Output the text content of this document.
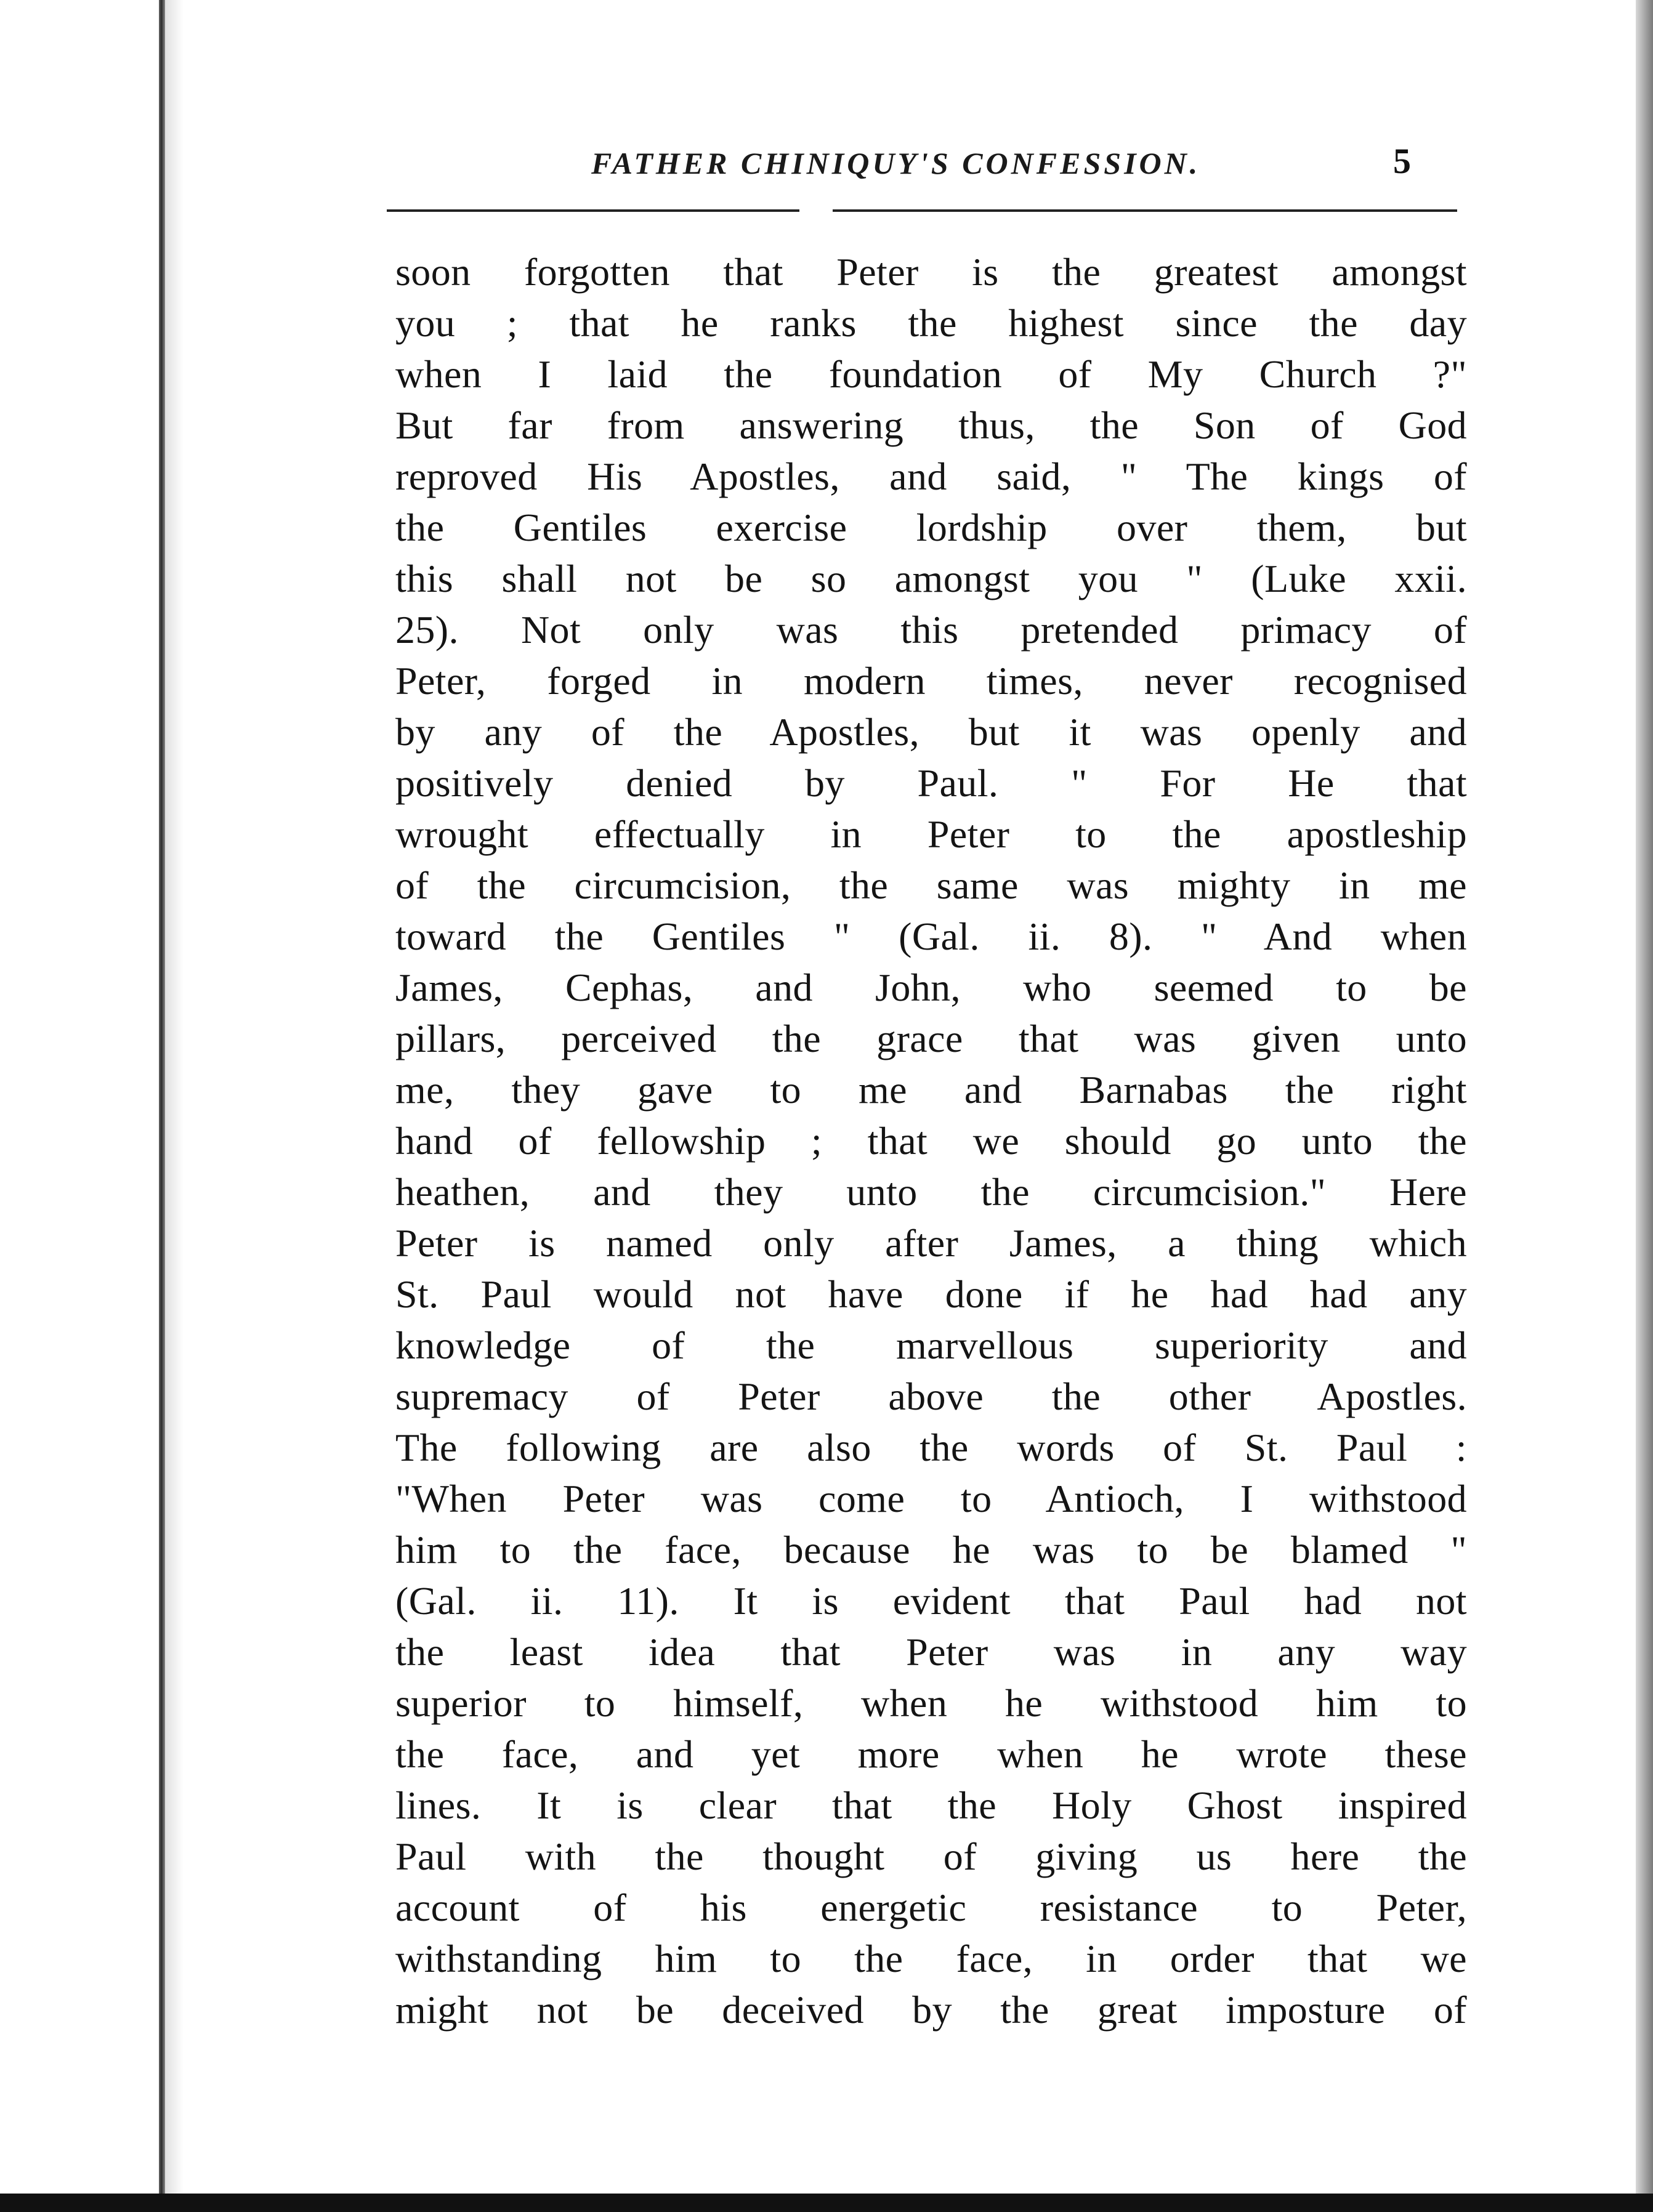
FATHER CHINIQUY'S CONFESSION.	5
soon forgotten that Peter is the greatest amongst
you ; that he ranks the highest since the day
when I laid the foundation of My Church ?"
But far from answering thus, the Son of God
reproved His Apostles, and said, " The kings of
the Gentiles exercise lordship over them, but
this shall not be so amongst you " (Luke xxii.
25). Not only was this pretended primacy of
Peter, forged in modern times, never recognised
by any of the Apostles, but it was openly and
positively denied by Paul. " For He that
wrought effectually in Peter to the apostleship
of the circumcision, the same was mighty in me
toward the Gentiles " (Gal. ii. 8). " And when
James, Cephas, and John, who seemed to be
pillars, perceived the grace that was given unto
me, they gave to me and Barnabas the right
hand of fellowship ; that we should go unto the
heathen, and they unto the circumcision." Here
Peter is named only after James, a thing which
St. Paul would not have done if he had had any
knowledge of the marvellous superiority and
supremacy of Peter above the other Apostles.
The following are also the words of St. Paul :
"When Peter was come to Antioch, I withstood
him to the face, because he was to be blamed "
(Gal. ii. 11). It is evident that Paul had not
the least idea that Peter was in any way
superior to himself, when he withstood him to
the face, and yet more when he wrote these
lines. It is clear that the Holy Ghost inspired
Paul with the thought of giving us here the
account of his energetic resistance to Peter,
withstanding him to the face, in order that we
might not be deceived by the great imposture of
